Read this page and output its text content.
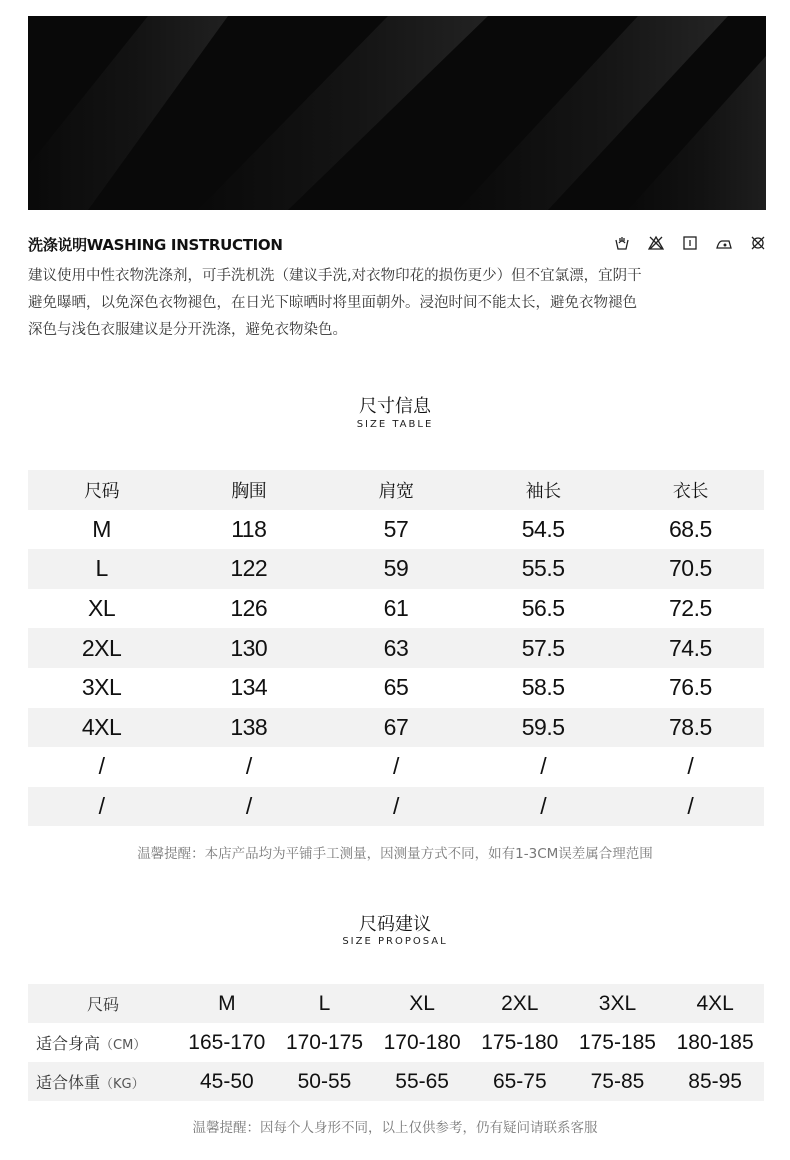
洗涤说明WASHING INSTRUCTION
建议使用中性衣物洗涤剂，可手洗机洗（建议手洗,对衣物印花的损伤更少）但不宜氯漂，宜阴干
避免曝晒，以免深色衣物褪色，在日光下晾晒时将里面朝外。浸泡时间不能太长，避免衣物褪色
深色与浅色衣服建议是分开洗涤，避免衣物染色。
尺寸信息
SIZE TABLE
尺码	胸围	肩宽	袖长	衣长
M	118	57	54.5	68.5
L	122	59	55.5	70.5
XL	126	61	56.5	72.5
2XL	130	63	57.5	74.5
3XL	134	65	58.5	76.5
4XL	138	67	59.5	78.5
/	/	/	/	/
/	/	/	/	/
温馨提醒：本店产品均为平铺手工测量，因测量方式不同，如有1-3CM误差属合理范围
尺码建议
SIZE PROPOSAL
尺码	M	L	XL	2XL	3XL	4XL
适合身高（CM）	165-170	170-175	170-180	175-180	175-185	180-185
适合体重（KG）	45-50	50-55	55-65	65-75	75-85	85-95
温馨提醒：因每个人身形不同，以上仅供参考，仍有疑问请联系客服
